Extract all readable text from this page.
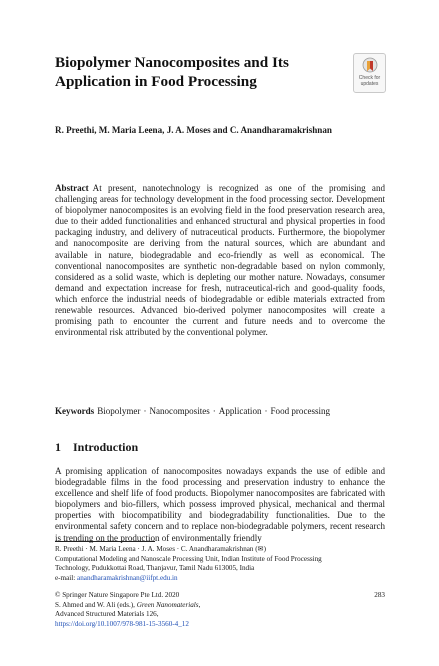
Biopolymer Nanocomposites and Its Application in Food Processing	Check for
updates

R. Preethi, M. Maria Leena, J. A. Moses and C. Anandharamakrishnan

Abstract At present, nanotechnology is recognized as one of the promising and challenging areas for technology development in the food processing sector. Development of biopolymer nanocomposites is an evolving field in the food preservation research area, due to their added functionalities and enhanced structural and physical properties in food packaging industry, and delivery of nutraceutical products. Furthermore, the biopolymer and nanocomposite are deriving from the natural sources, which are abundant and available in nature, biodegradable and eco-friendly as well as economical. The conventional nanocomposites are synthetic non-degradable based on nylon commonly, considered as a solid waste, which is depleting our mother nature. Nowadays, consumer demand and expectation increase for fresh, nutraceutical-rich and good-quality foods, which enforce the industrial needs of biodegradable or edible materials extracted from renewable resources. Advanced bio-derived polymer nanocomposites will create a promising path to encounter the current and future needs and to overcome the environmental risk attributed by the conventional polymer.

Keywords Biopolymer · Nanocomposites · Application · Food processing

1 Introduction

A promising application of nanocomposites nowadays expands the use of edible and biodegradable films in the food processing and preservation industry to enhance the excellence and shelf life of food products. Biopolymer nanocomposites are fabricated with biopolymers and bio-fillers, which possess improved physical, mechanical and thermal properties with biocompatibility and biodegradability functionalities. Due to the environmental safety concern and to replace non-biodegradable polymers, recent research is trending on the production of environmentally friendly

R. Preethi · M. Maria Leena · J. A. Moses · C. Anandharamakrishnan (✉)
Computational Modeling and Nanoscale Processing Unit, Indian Institute of Food Processing
Technology, Pudukkottai Road, Thanjavur, Tamil Nadu 613005, India
e-mail: anandharamakrishnan@iifpt.edu.in
© Springer Nature Singapore Pte Ltd. 2020
S. Ahmed and W. Ali (eds.), Green Nanomaterials,
Advanced Structured Materials 126,
https://doi.org/10.1007/978-981-15-3560-4_12
283
